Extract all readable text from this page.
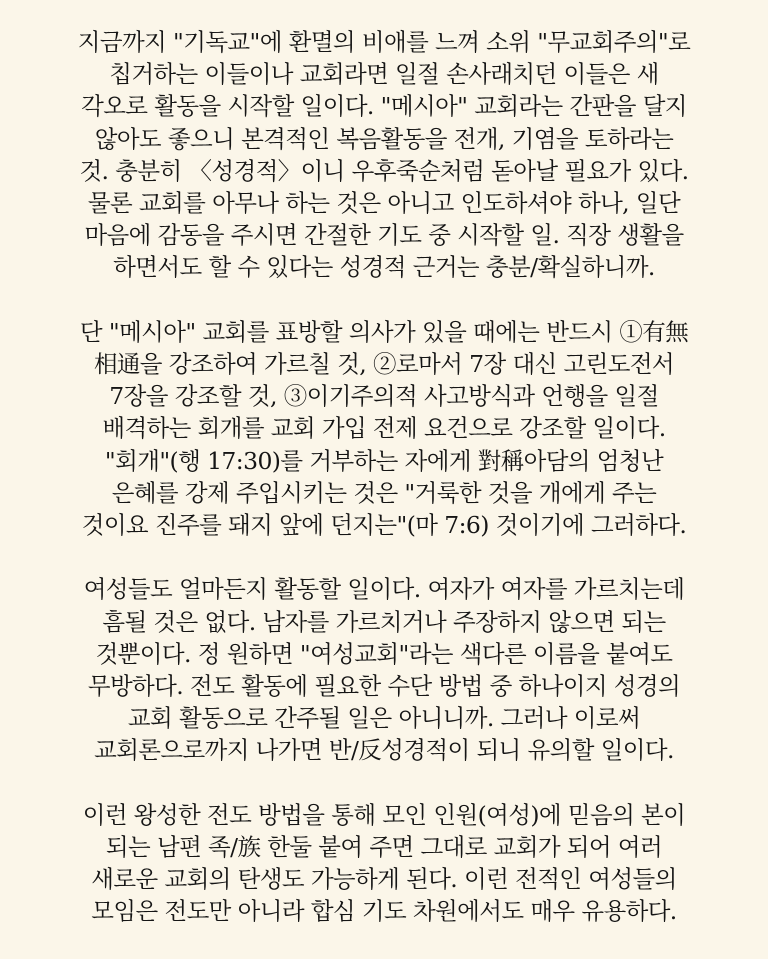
지금까지 "기독교"에 환멸의 비애를 느껴 소위 "무교회주의"로
칩거하는 이들이나 교회라면 일절 손사래치던 이들은 새
각오로 활동을 시작할 일이다. "메시아" 교회라는 간판을 달지
않아도 좋으니 본격적인 복음활동을 전개, 기염을 토하라는
것. 충분히 〈성경적〉이니 우후죽순처럼 돋아날 필요가 있다.
물론 교회를 아무나 하는 것은 아니고 인도하셔야 하나, 일단
마음에 감동을 주시면 간절한 기도 중 시작할 일. 직장 생활을
하면서도 할 수 있다는 성경적 근거는 충분/확실하니까.

단 "메시아" 교회를 표방할 의사가 있을 때에는 반드시 ①有無
相通을 강조하여 가르칠 것, ②로마서 7장 대신 고린도전서
7장을 강조할 것, ③이기주의적 사고방식과 언행을 일절
배격하는 회개를 교회 가입 전제 요건으로 강조할 일이다.
"회개"(행 17:30)를 거부하는 자에게 對稱아담의 엄청난
은혜를 강제 주입시키는 것은 "거룩한 것을 개에게 주는
것이요 진주를 돼지 앞에 던지는"(마 7:6) 것이기에 그러하다.

여성들도 얼마든지 활동할 일이다. 여자가 여자를 가르치는데
흠될 것은 없다. 남자를 가르치거나 주장하지 않으면 되는
것뿐이다. 정 원하면 "여성교회"라는 색다른 이름을 붙여도
무방하다. 전도 활동에 필요한 수단 방법 중 하나이지 성경의
교회 활동으로 간주될 일은 아니니까. 그러나 이로써
교회론으로까지 나가면 반/反성경적이 되니 유의할 일이다.

이런 왕성한 전도 방법을 통해 모인 인원(여성)에 믿음의 본이
되는 남편 족/族 한둘 붙여 주면 그대로 교회가 되어 여러
새로운 교회의 탄생도 가능하게 된다. 이런 전적인 여성들의
모임은 전도만 아니라 합심 기도 차원에서도 매우 유용하다.
